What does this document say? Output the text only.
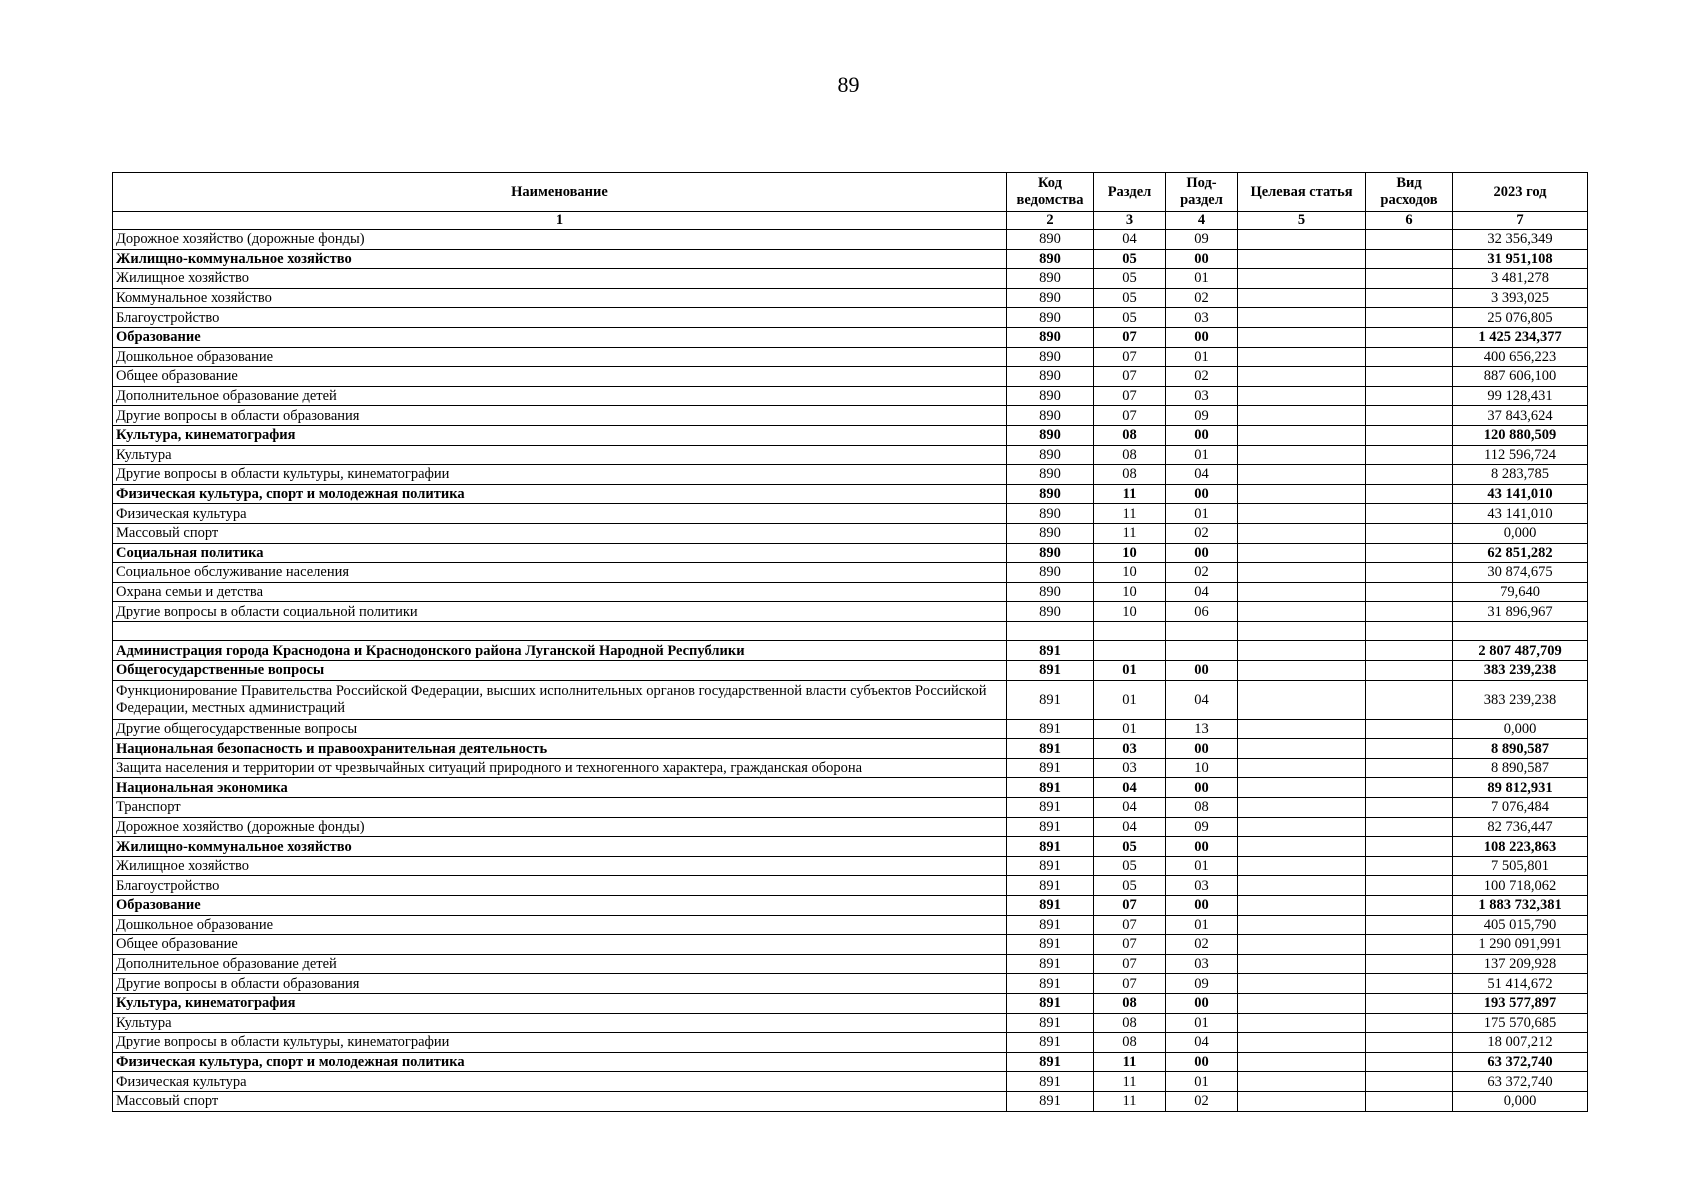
89
Наименование	Код ведомства	Раздел	Под-раздел	Целевая статья	Вид расходов	2023 год
1	2	3	4	5	6	7
Дорожное хозяйство (дорожные фонды)	890	04	09			32 356,349
Жилищно-коммунальное хозяйство	890	05	00			31 951,108
Жилищное хозяйство	890	05	01			3 481,278
Коммунальное хозяйство	890	05	02			3 393,025
Благоустройство	890	05	03			25 076,805
Образование	890	07	00			1 425 234,377
Дошкольное образование	890	07	01			400 656,223
Общее образование	890	07	02			887 606,100
Дополнительное образование детей	890	07	03			99 128,431
Другие вопросы в области образования	890	07	09			37 843,624
Культура, кинематография	890	08	00			120 880,509
Культура	890	08	01			112 596,724
Другие вопросы в области культуры, кинематографии	890	08	04			8 283,785
Физическая культура, спорт и молодежная политика	890	11	00			43 141,010
Физическая культура	890	11	01			43 141,010
Массовый спорт	890	11	02			0,000
Социальная политика	890	10	00			62 851,282
Социальное обслуживание населения	890	10	02			30 874,675
Охрана семьи и детства	890	10	04			79,640
Другие вопросы в области социальной политики	890	10	06			31 896,967

Администрация города Краснодона и Краснодонского района Луганской Народной Республики	891					2 807 487,709
Общегосударственные вопросы	891	01	00			383 239,238
Функционирование Правительства Российской Федерации, высших исполнительных органов государственной власти субъектов Российской Федерации, местных администраций	891	01	04			383 239,238
Другие общегосударственные вопросы	891	01	13			0,000
Национальная безопасность и правоохранительная деятельность	891	03	00			8 890,587
Защита населения и территории от чрезвычайных ситуаций природного и техногенного характера, гражданская оборона	891	03	10			8 890,587
Национальная экономика	891	04	00			89 812,931
Транспорт	891	04	08			7 076,484
Дорожное хозяйство (дорожные фонды)	891	04	09			82 736,447
Жилищно-коммунальное хозяйство	891	05	00			108 223,863
Жилищное хозяйство	891	05	01			7 505,801
Благоустройство	891	05	03			100 718,062
Образование	891	07	00			1 883 732,381
Дошкольное образование	891	07	01			405 015,790
Общее образование	891	07	02			1 290 091,991
Дополнительное образование детей	891	07	03			137 209,928
Другие вопросы в области образования	891	07	09			51 414,672
Культура, кинематография	891	08	00			193 577,897
Культура	891	08	01			175 570,685
Другие вопросы в области культуры, кинематографии	891	08	04			18 007,212
Физическая культура, спорт и молодежная политика	891	11	00			63 372,740
Физическая культура	891	11	01			63 372,740
Массовый спорт	891	11	02			0,000
